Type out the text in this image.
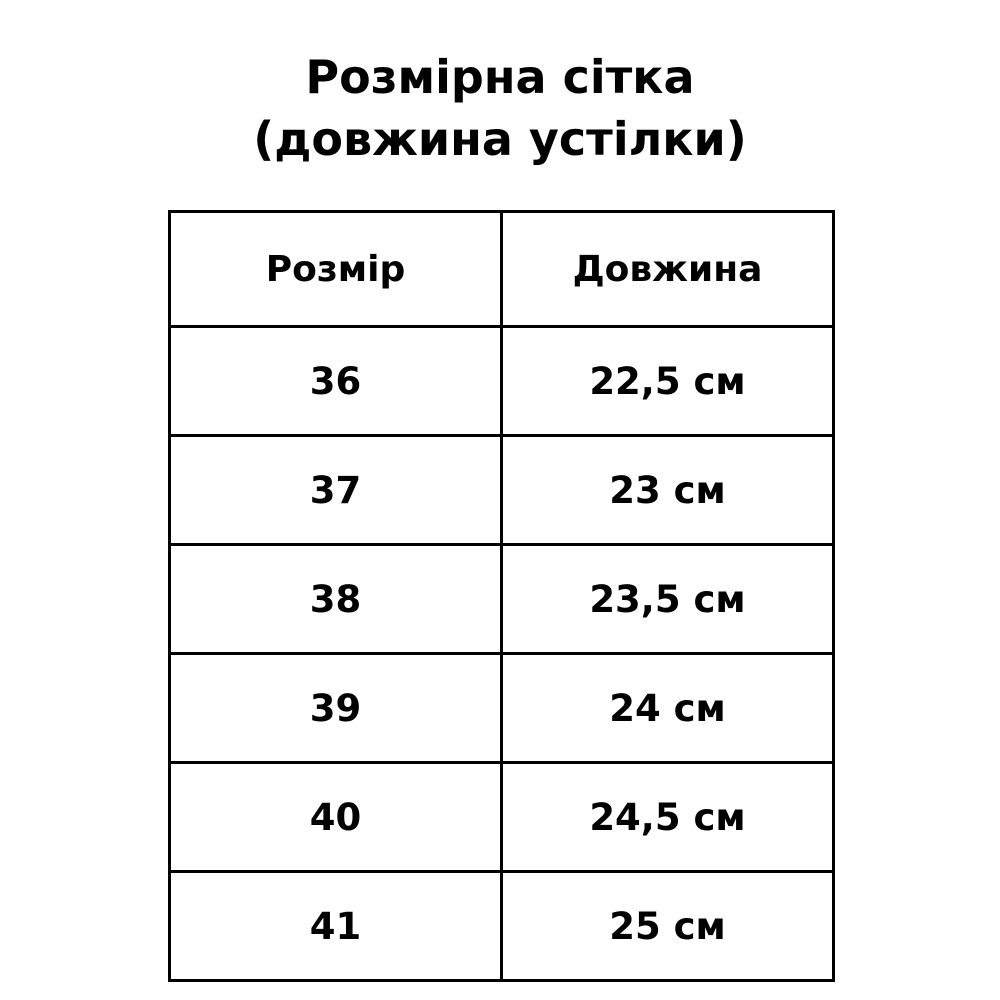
Розмірна сітка
(довжина устілки)
Розмір	Довжина
36	22,5 см
37	23 см
38	23,5 см
39	24 см
40	24,5 см
41	25 см
